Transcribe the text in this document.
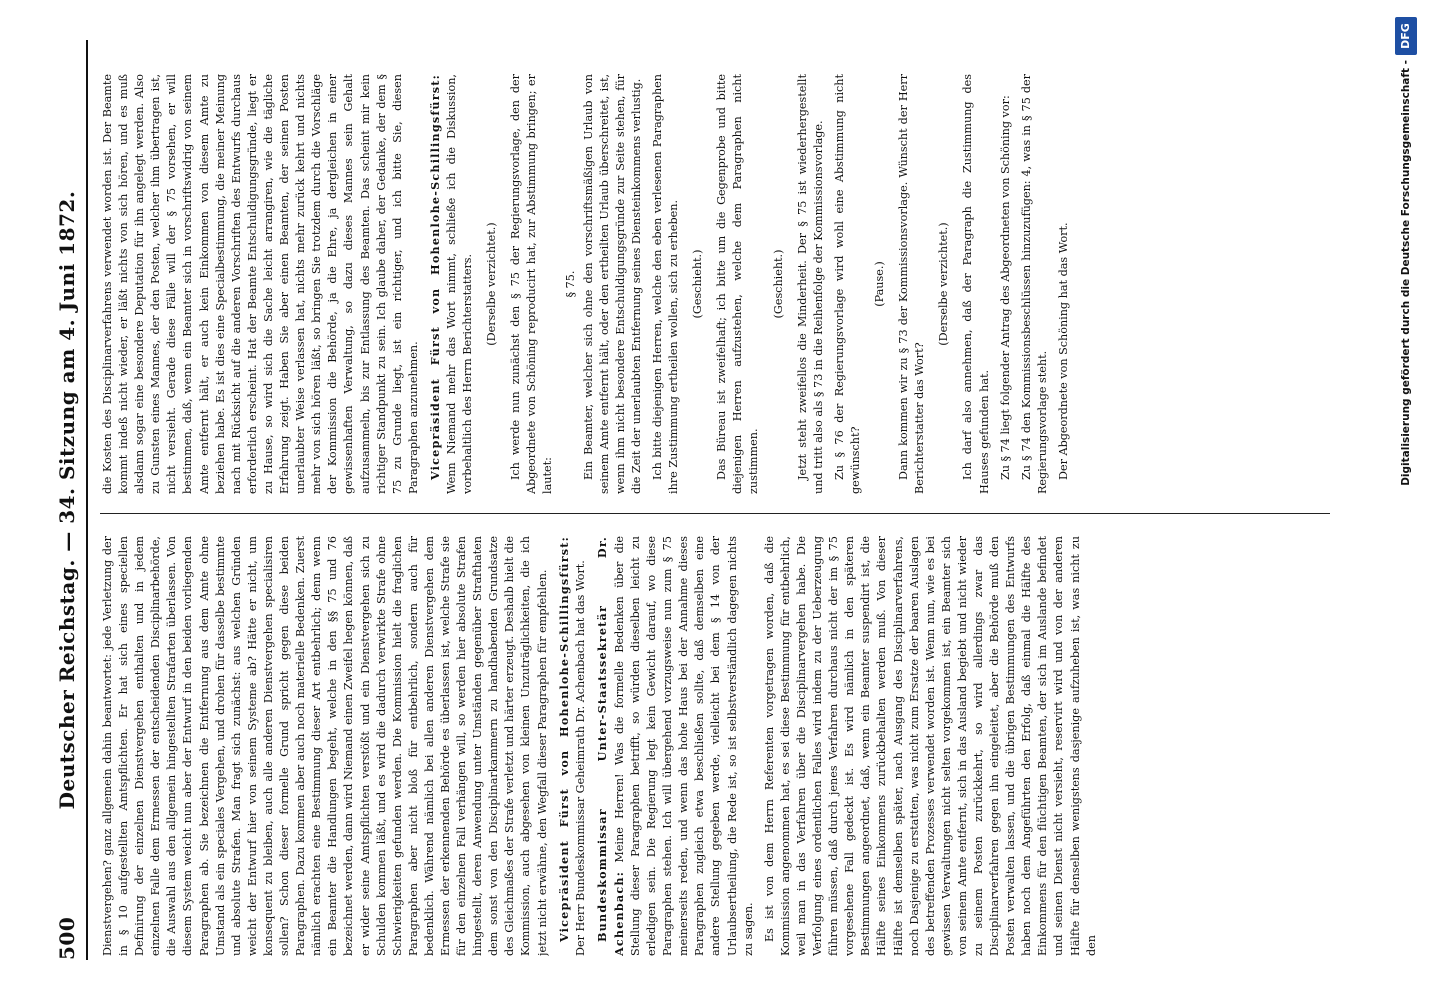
500
Deutscher Reichstag. — 34. Sitzung am 4. Juni 1872. Dienstvergehen? ganz allgemein dahin beantwortet: jede Verletzung der in § 10 aufgestellten Amtspflichten. Er hat sich eines speciellen Definirung der einzelnen Dienstvergehen enthalten und in jedem einzelnen Falle dem Ermessen der entscheidenden Disciplinarbehörde, die Auswahl aus den allgemein hingestellten Strafarten überlassen. Von diesem System weicht nun aber der Entwurf in den beiden vorliegenden Paragraphen ab. Sie bezeichnen die Entfernung aus dem Amte ohne Umstand als ein speciales Vergehen, und drohen für dasselbe bestimmte und absolute Strafen. Man fragt sich zunächst: aus welchen Gründen weicht der Entwurf hier von seinem Systeme ab? Hätte er nicht, um konsequent zu bleiben, auch alle anderen Dienstvergehen specialisiren sollen? Schon dieser formelle Grund spricht gegen diese beiden Paragraphen. Dazu kommen aber auch noch materielle Bedenken. Zuerst nämlich erachten eine Bestimmung dieser Art entbehrlich; denn wenn ein Beamter die Handlungen begeht, welche in den §§ 75 und 76 bezeichnet werden, dann wird Niemand einen Zweifel hegen können, daß er wider seine Amtspflichten verstößt und ein Dienstvergehen sich zu Schulden kommen läßt, und es wird die dadurch verwirkte Strafe ohne Schwierigkeiten gefunden werden. Die Kommission hielt die fraglichen Paragraphen aber nicht bloß für entbehrlich, sondern auch für bedenklich. Während nämlich bei allen anderen Dienstvergehen dem Ermessen der erkennenden Behörde es überlassen ist, welche Strafe sie für den einzelnen Fall verhängen will, so werden hier absolute Strafen hingestellt, deren Anwendung unter Umständen gegenüber Strafthaten dem sonst von den Disciplinarkammern zu handhabenden Grundsatze des Gleichmaßes der Strafe verletzt und härter erzeugt. Deshalb hielt die Kommission, auch abgesehen von kleinen Unzuträglichkeiten, die ich jetzt nicht erwähne, den Wegfall dieser Paragraphen für empfehlen. Vicepräsident Fürst von Hohenlohe-Schillingsfürst: Der Herr Bundeskommissar Geheimrath Dr. Achenbach hat das Wort. Bundeskommissar Unter-Staatssekretär Dr. Achenbach: Meine Herren! Was die formelle Bedenken über die Stellung dieser Paragraphen betrifft, so würden dieselben leicht zu erledigen sein. Die Regierung legt kein Gewicht darauf, wo diese Paragraphen stehen. Ich will übergehend vorzugsweise nun zum § 75 meinerseits reden, und wenn das hohe Haus bei der Annahme dieses Paragraphen zugleich etwa beschließen sollte, daß demselben eine andere Stellung gegeben werde, vielleicht bei dem § 14 von der Urlaubsertheilung, die Rede ist, so ist selbstverständlich dagegen nichts zu sagen. Es ist von dem Herrn Referenten vorgetragen worden, daß die Kommission angenommen hat, es sei diese Bestimmung für entbehrlich, weil man in das Verfahren über die Disciplinarvergehen habe. Die Verfolgung eines ordentlichen Falles wird indem zu der Ueberzeugung führen müssen, daß durch jenes Verfahren durchaus nicht der im § 75 vorgesehene Fall gedeckt ist. Es wird nämlich in den späteren Bestimmungen angeordnet, daß, wenn ein Beamter suspendirt ist, die Hälfte seines Einkommens zurückbehalten werden muß. Von dieser Hälfte ist demselben später, nach Ausgang des Disciplinarverfahrens, noch Dasjenige zu erstatten, was nicht zum Ersatze der baaren Auslagen des betreffenden Prozesses verwendet worden ist. Wenn nun, wie es bei gewissen Verwaltungen nicht selten vorgekommen ist, ein Beamter sich von seinem Amte entfernt, sich in das Ausland begiebt und nicht wieder zu seinem Posten zurückkehrt, so wird allerdings zwar das Disciplinarverfahren gegen ihn eingeleitet, aber die Behörde muß den Posten verwalten lassen, und die übrigen Bestimmungen des Entwurfs haben noch dem Angeführten den Erfolg, daß einmal die Hälfte des Einkommens für den flüchtigen Beamten, der sich im Auslande befindet und seinen Dienst nicht versieht, reservirt wird und von der anderen Hälfte für denselben wenigstens dasjenige aufzuheben ist, was nicht zu den

die Kosten des Disciplinarverfahrens verwendet worden ist. Der Beamte kommt indeß nicht wieder, er läßt nichts von sich hören, und es muß alsdann sogar eine besondere Deputation für ihn angelegt werden. Also zu Gunsten eines Mannes, der den Posten, welcher ihm übertragen ist, nicht versieht. Gerade diese Fälle will der § 75 vorsehen, er will bestimmen, daß, wenn ein Beamter sich in vorschriftswidrig von seinem Amte entfernt hält, er auch kein Einkommen von diesem Amte zu beziehen habe. Es ist dies eine Specialbestimmung, die meiner Meinung nach mit Rücksicht auf die anderen Vorschriften des Entwurfs durchaus erforderlich erscheint. Hat der Beamte Entschuldigungsgründe, liegt er zu Hause, so wird sich die Sache leicht arrangiren, wie die tägliche Erfahrung zeigt. Haben Sie aber einen Beamten, der seinen Posten unerlaubter Weise verlassen hat, nichts mehr zurück kehrt und nichts mehr von sich hören läßt, so bringen Sie trotzdem durch die Vorschläge der Kommission die Behörde, ja die Ehre, ja dergleichen in einer gewissenhaften Verwaltung, so dazu dieses Mannes sein Gehalt aufzusammeln, bis zur Entlassung des Beamten. Das scheint mir kein richtiger Standpunkt zu sein. Ich glaube daher, der Gedanke, der dem § 75 zu Grunde liegt, ist ein richtiger, und ich bitte Sie, diesen Paragraphen anzunehmen. Vicepräsident Fürst von Hohenlohe-Schillingsfürst: Wenn Niemand mehr das Wort nimmt, schließe ich die Diskussion, vorbehaltlich des Herrn Berichterstatters. (Derselbe verzichtet.) Ich werde nun zunächst den § 75 der Regierungsvorlage, den der Abgeordnete von Schöning reproducirt hat, zur Abstimmung bringen; er lautet:

§ 75. Ein Beamter, welcher sich ohne den vorschriftsmäßigen Urlaub von seinem Amte entfernt hält, oder den ertheilten Urlaub überschreitet, ist, wenn ihm nicht besondere Entschuldigungsgründe zur Seite stehen, für die Zeit der unerlaubten Entfernung seines Diensteinkommens verlustig. Ich bitte diejenigen Herren, welche den eben verlesenen Paragraphen ihre Zustimmung ertheilen wollen, sich zu erheben. (Geschieht.) Das Büreau ist zweifelhaft; ich bitte um die Gegenprobe und bitte diejenigen Herren aufzustehen, welche dem Paragraphen nicht zustimmen.

(Geschieht.) Jetzt steht zweifellos die Minderheit. Der § 75 ist wiederhergestellt und tritt also als § 73 in die Reihenfolge der Kommissionsvorlage. Zu § 76 der Regierungsvorlage wird wohl eine Abstimmung nicht gewünscht?

(Pause.) Dann kommen wir zu § 73 der Kommissionsvorlage. Wünscht der Herr Berichterstatter das Wort?

(Derselbe verzichtet.) Ich darf also annehmen, daß der Paragraph die Zustimmung des Hauses gefunden hat. Zu § 74 liegt folgender Antrag des Abgeordneten von Schöning vor: Zu § 74 den Kommissionsbeschlüssen hinzuzufügen: 4, was in § 75 der Regierungsvorlage steht. Der Abgeordnete von Schöning hat das Wort.	Digitalisierung gefördert durch die Deutsche Forschungsgemeinschaft -
DFG
